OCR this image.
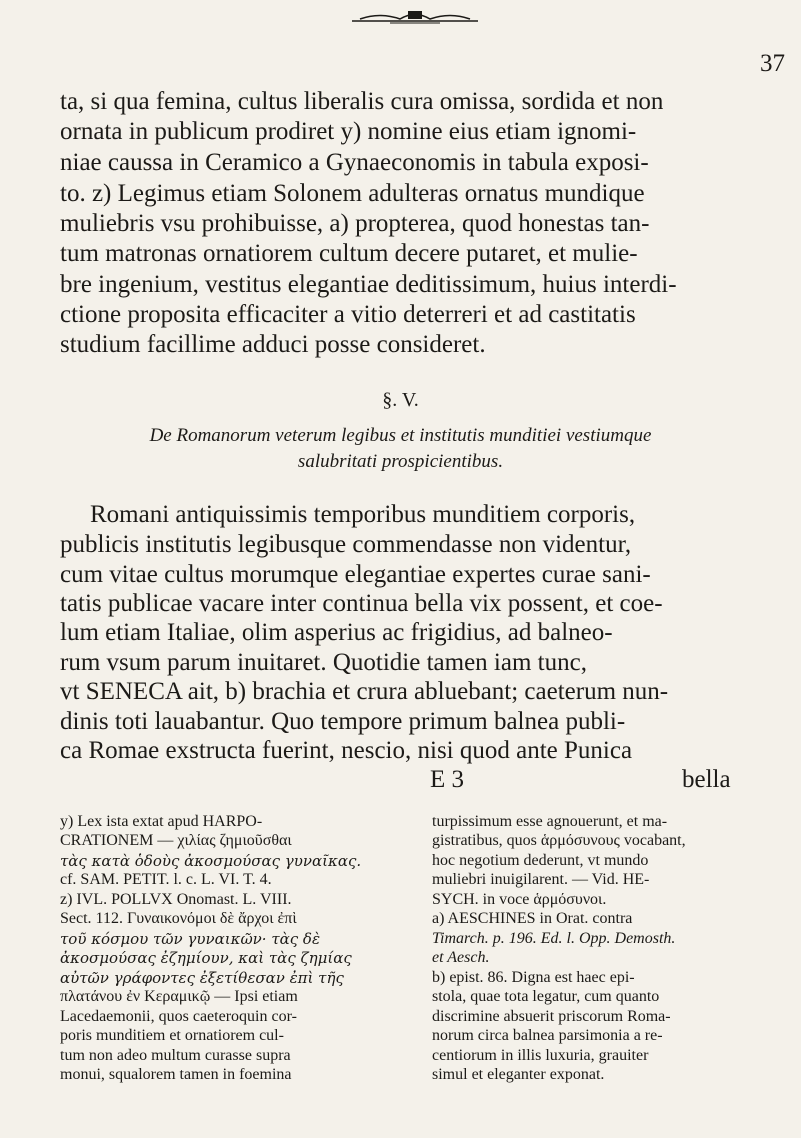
37
ta, si qua femina, cultus liberalis cura omissa, sordida et non
ornata in publicum prodiret y) nomine eius etiam ignomi-
niae caussa in Ceramico a Gynaeconomis in tabula exposi-
to. z) Legimus etiam Solonem adulteras ornatus mundique
muliebris vsu prohibuisse, a) propterea, quod honestas tan-
tum matronas ornatiorem cultum decere putaret, et mulie-
bre ingenium, vestitus elegantiae deditissimum, huius interdi-
ctione proposita efficaciter a vitio deterreri et ad castitatis
studium facillime adduci posse consideret.
§. V.
De Romanorum veterum legibus et institutis munditiei vestiumque
salubritati prospicientibus.
Romani antiquissimis temporibus munditiem corporis,
publicis institutis legibusque commendasse non videntur,
cum vitae cultus morumque elegantiae expertes curae sani-
tatis publicae vacare inter continua bella vix possent, et coe-
lum etiam Italiae, olim asperius ac frigidius, ad balneo-
rum vsum parum inuitaret. Quotidie tamen iam tunc,
vt SENECA ait, b) brachia et crura abluebant; caeterum nun-
dinis toti lauabantur. Quo tempore primum balnea publi-
ca Romae exstructa fuerint, nescio, nisi quod ante Punica
E 3	bella
y) Lex ista extat apud HARPO-
CRATIONEM — χιλίας ζημιοῦσθαι
τὰς κατὰ ὁδοὺς ἀκοσμούσας γυναῖκας.
cf. SAM. PETIT. l. c. L. VI. T. 4.
z) IVL. POLLVX Onomast. L. VIII.
Sect. 112. Γυναικονόμοι δὲ ἄρχοι ἐπὶ
τοῦ κόσμου τῶν γυναικῶν· τὰς δὲ
ἀκοσμούσας ἐζημίουν, καὶ τὰς ζημίας
αὐτῶν γράφοντες ἐξετίθεσαν ἐπὶ τῆς
πλατάνου ἐν Κεραμικῷ — Ipsi etiam
Lacedaemonii, quos caeteroquin cor-
poris munditiem et ornatiorem cul-
tum non adeo multum curasse supra
monui, squalorem tamen in foemina
turpissimum esse agnouerunt, et ma-
gistratibus, quos ἁρμόσυνους vocabant,
hoc negotium dederunt, vt mundo
muliebri inuigilarent. — Vid. HE-
SYCH. in voce ἁρμόσυνοι.
a) AESCHINES in Orat. contra
Timarch. p. 196. Ed. l. Opp. Demosth.
et Aesch.
b) epist. 86. Digna est haec epi-
stola, quae tota legatur, cum quanto
discrimine absuerit priscorum Roma-
norum circa balnea parsimonia a re-
centiorum in illis luxuria, grauiter
simul et eleganter exponat.
